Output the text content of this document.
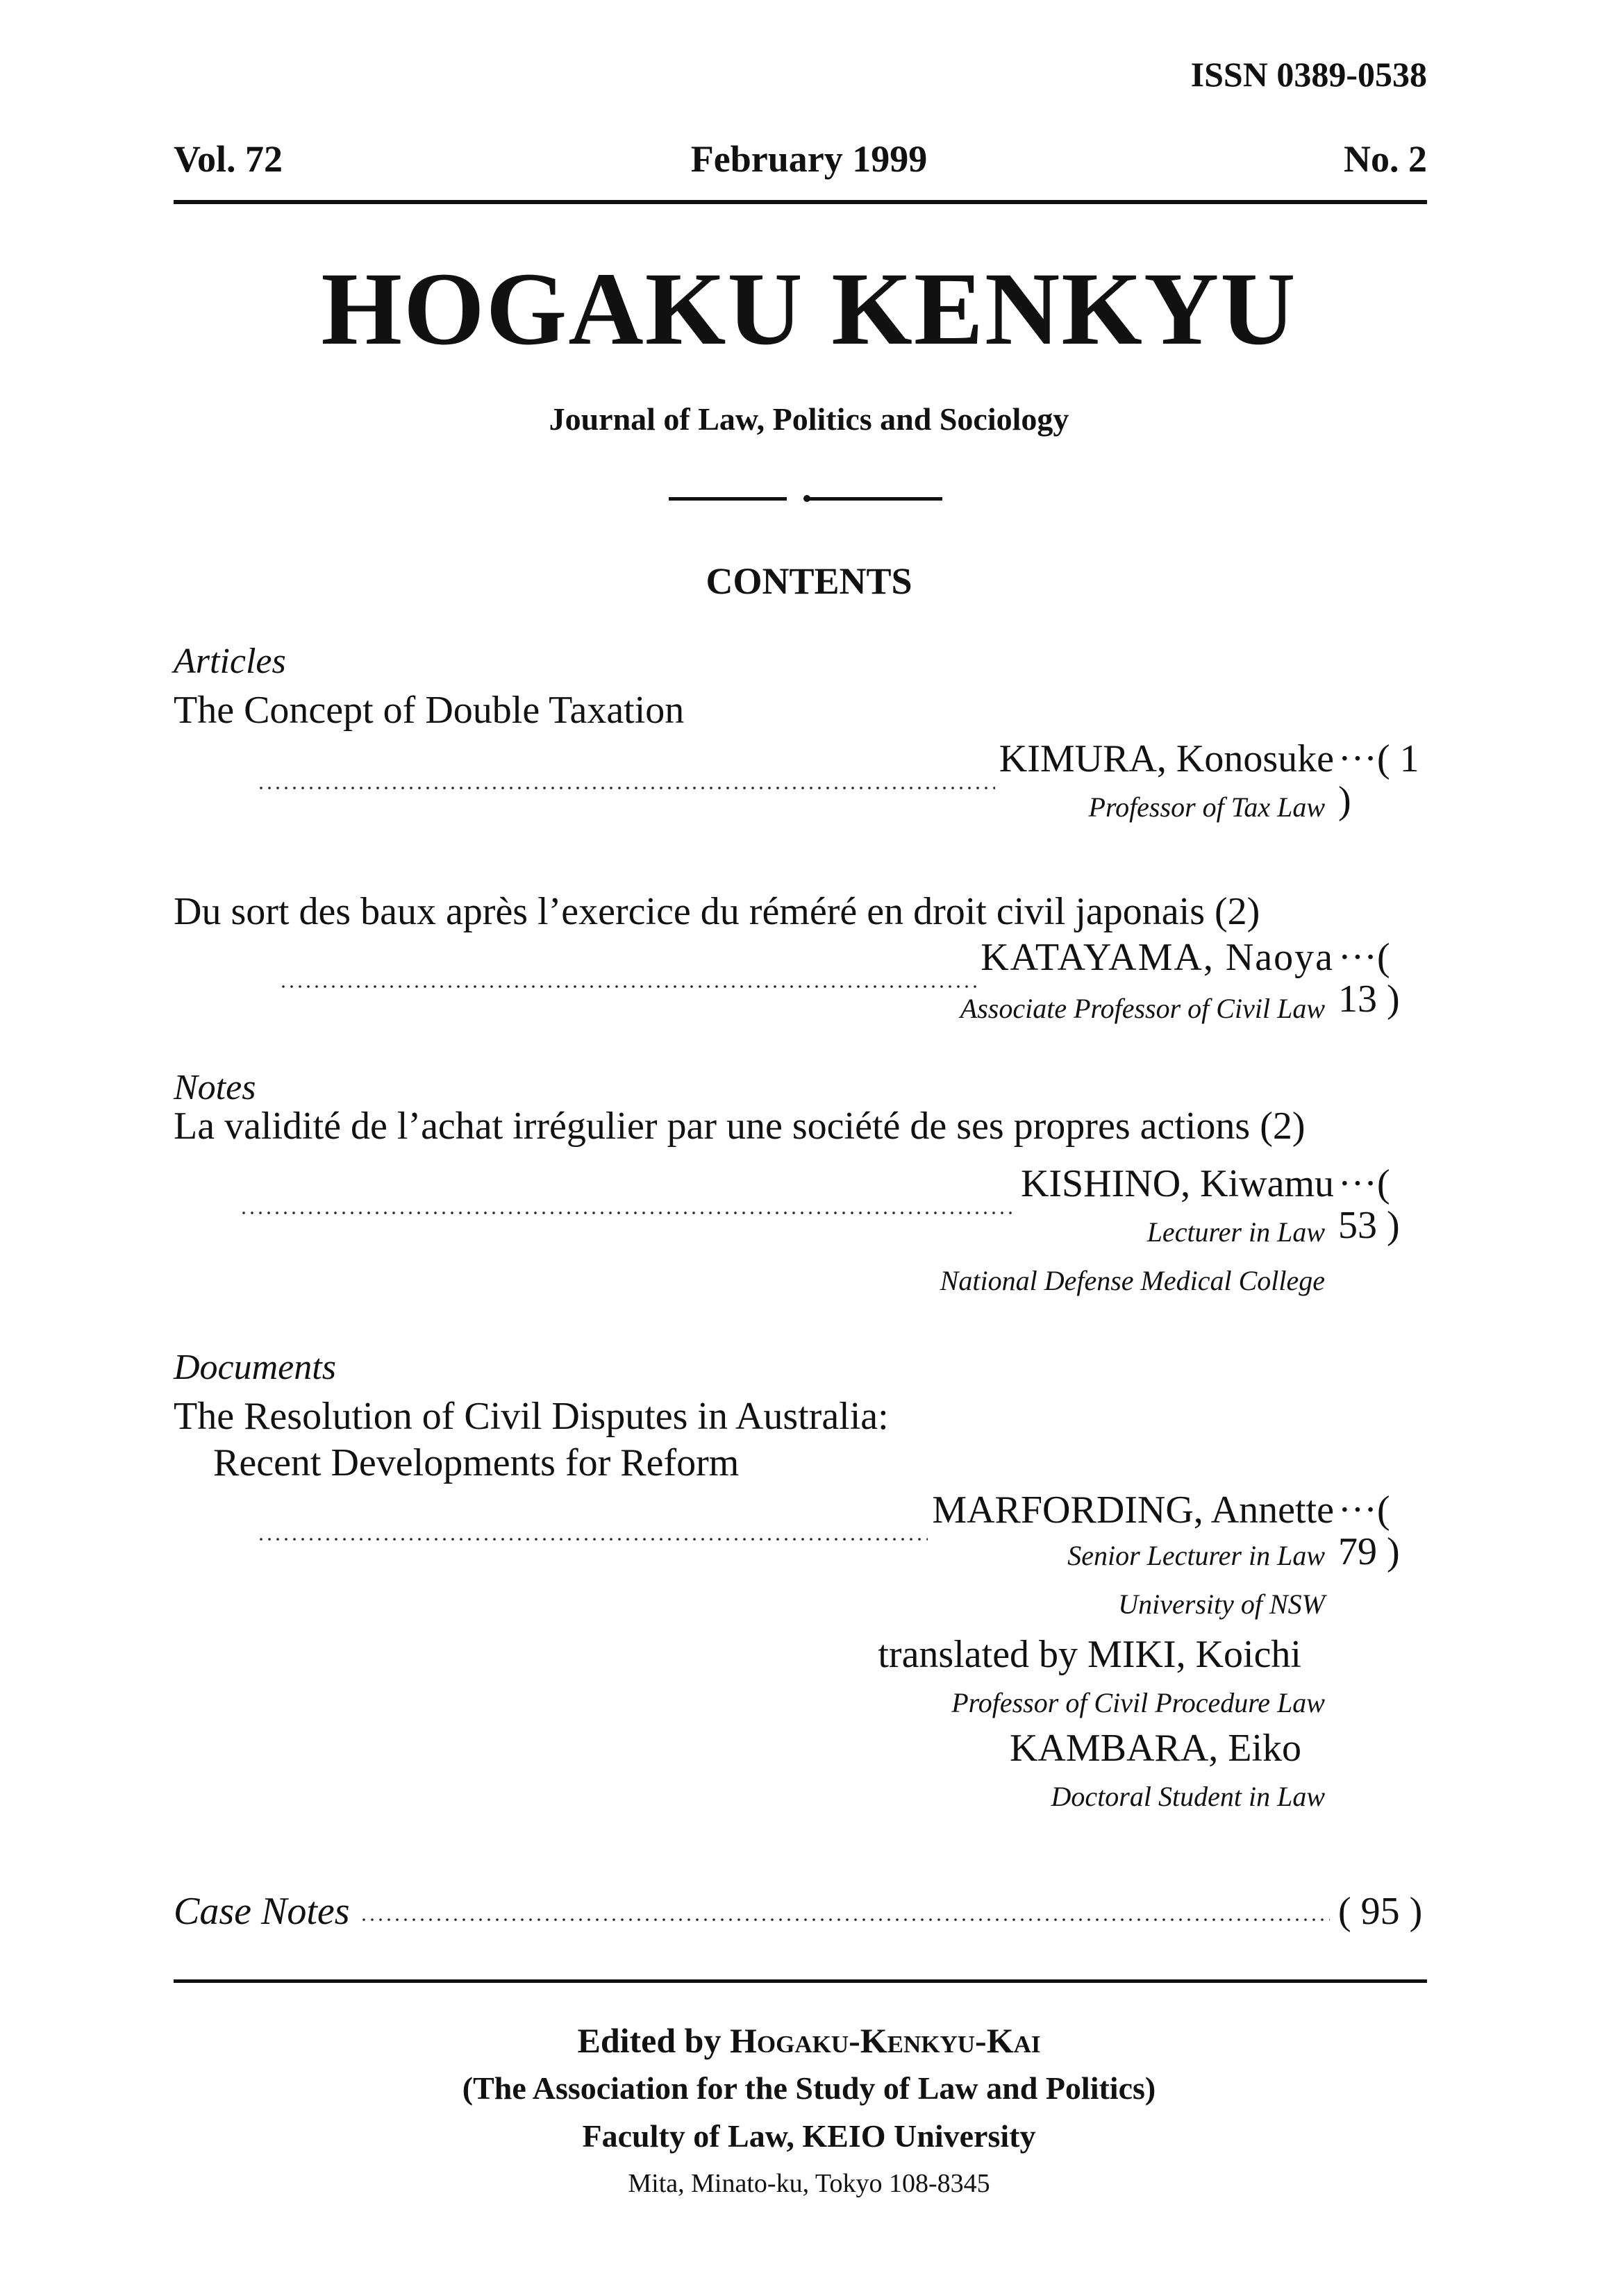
ISSN 0389-0538
Vol. 72	February 1999	No. 2
HOGAKU KENKYU
Journal of Law, Politics and Sociology
CONTENTS
Articles
The Concept of Double Taxation
KIMURA, Konosuke ···( 1 )
Professor of Tax Law
Du sort des baux après l’exercice du réméré en droit civil japonais (2)
KATAYAMA, Naoya ···( 13 )
Associate Professor of Civil Law
Notes
La validité de l’achat irrégulier par une société de ses propres actions (2)
KISHINO, Kiwamu ···( 53 )
Lecturer in Law
National Defense Medical College
Documents
The Resolution of Civil Disputes in Australia:
Recent Developments for Reform
MARFORDING, Annette ···( 79 )
Senior Lecturer in Law
University of NSW
translated by MIKI, Koichi
Professor of Civil Procedure Law
KAMBARA, Eiko
Doctoral Student in Law
Case Notes	( 95 )
Edited by Hogaku-Kenkyu-Kai
(The Association for the Study of Law and Politics)
Faculty of Law, KEIO University
Mita, Minato-ku, Tokyo 108-8345
